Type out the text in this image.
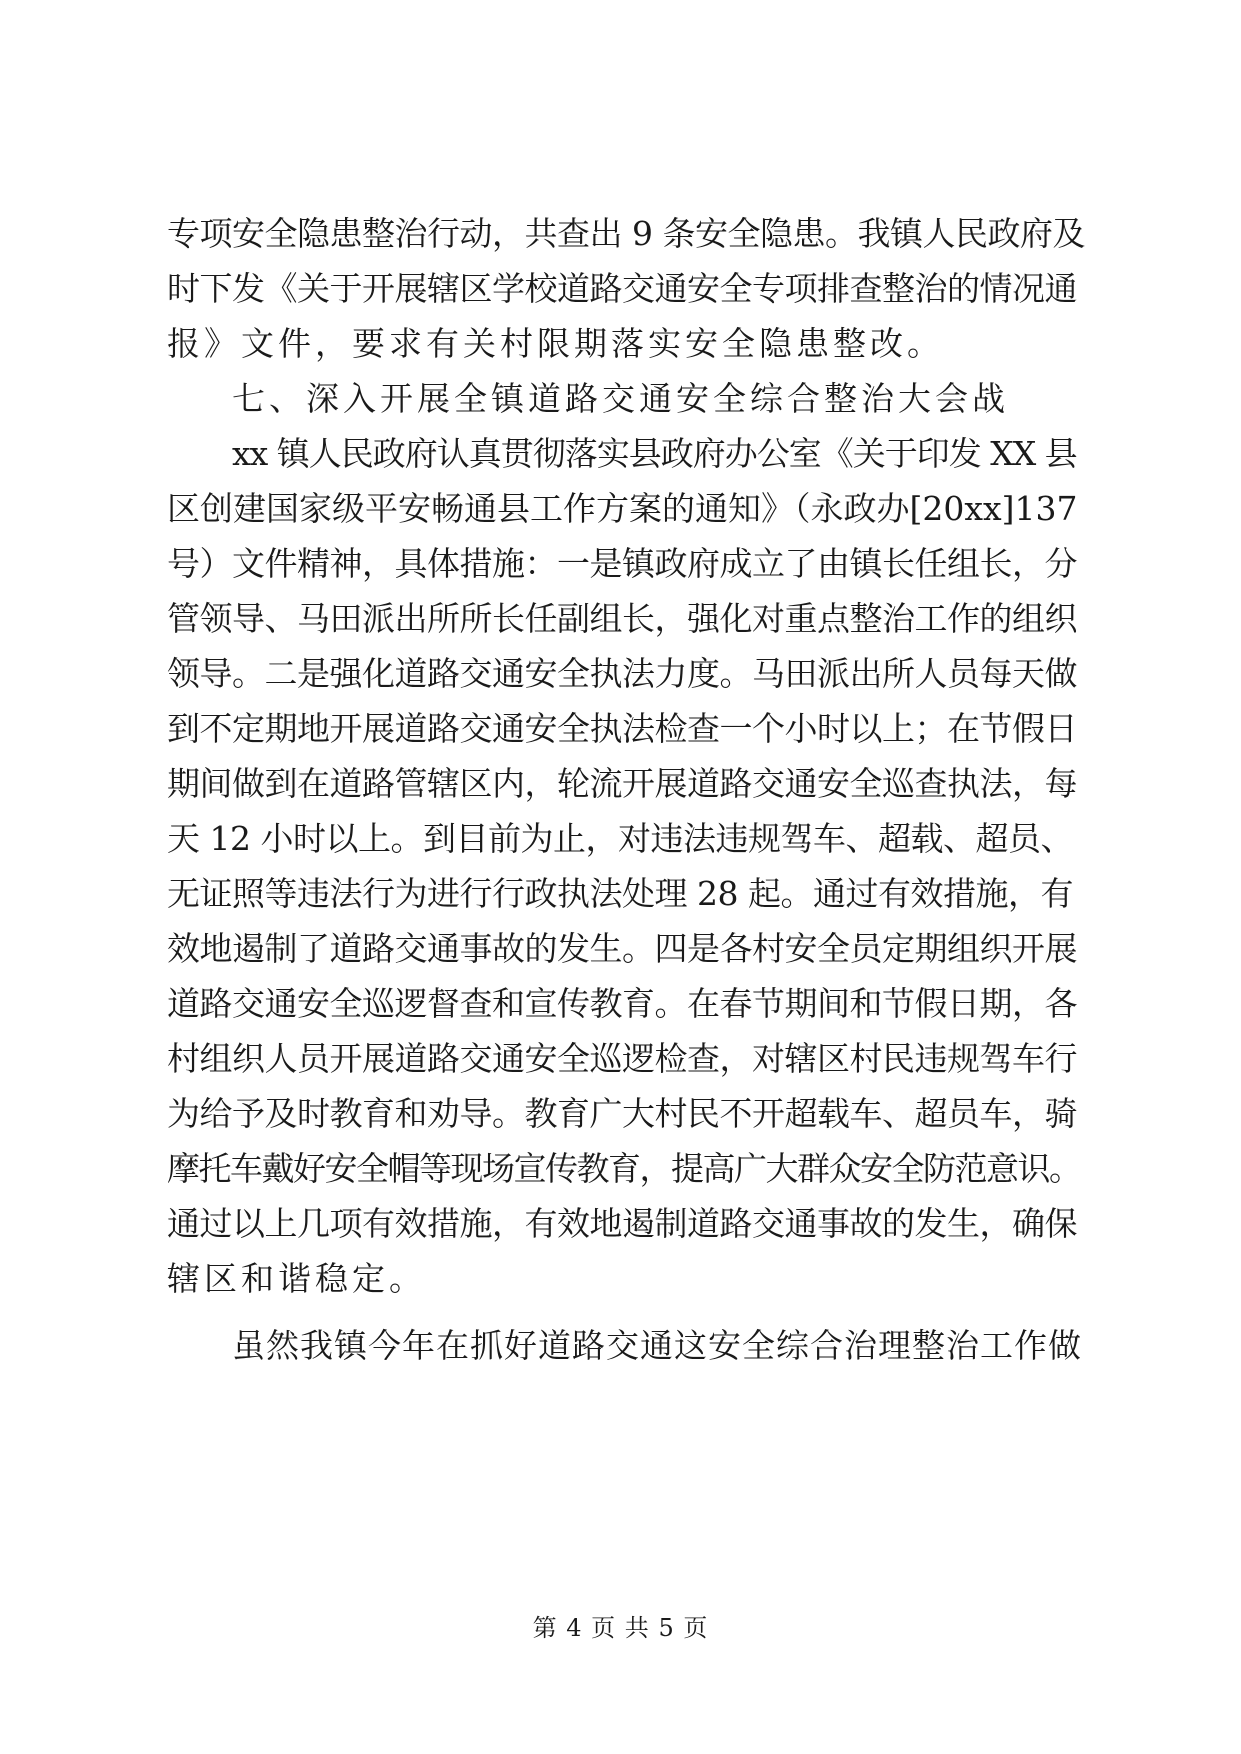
专项安全隐患整治行动，共查出 9 条安全隐患。我镇人民政府及
时下发《关于开展辖区学校道路交通安全专项排查整治的情况通
报》文件，要求有关村限期落实安全隐患整改。
七、深入开展全镇道路交通安全综合整治大会战
xx 镇人民政府认真贯彻落实县政府办公室《关于印发 XX 县
区创建国家级平安畅通县工作方案的通知》（永政办[20xx]137
号）文件精神，具体措施：一是镇政府成立了由镇长任组长，分
管领导、马田派出所所长任副组长，强化对重点整治工作的组织
领导。二是强化道路交通安全执法力度。马田派出所人员每天做
到不定期地开展道路交通安全执法检查一个小时以上；在节假日
期间做到在道路管辖区内，轮流开展道路交通安全巡查执法，每
天 12 小时以上。到目前为止，对违法违规驾车、超载、超员、
无证照等违法行为进行行政执法处理 28 起。通过有效措施，有
效地遏制了道路交通事故的发生。四是各村安全员定期组织开展
道路交通安全巡逻督查和宣传教育。在春节期间和节假日期，各
村组织人员开展道路交通安全巡逻检查，对辖区村民违规驾车行
为给予及时教育和劝导。教育广大村民不开超载车、超员车，骑
摩托车戴好安全帽等现场宣传教育，提高广大群众安全防范意识。
通过以上几项有效措施，有效地遏制道路交通事故的发生，确保
辖区和谐稳定。
虽然我镇今年在抓好道路交通这安全综合治理整治工作做
第 4 页 共 5 页
